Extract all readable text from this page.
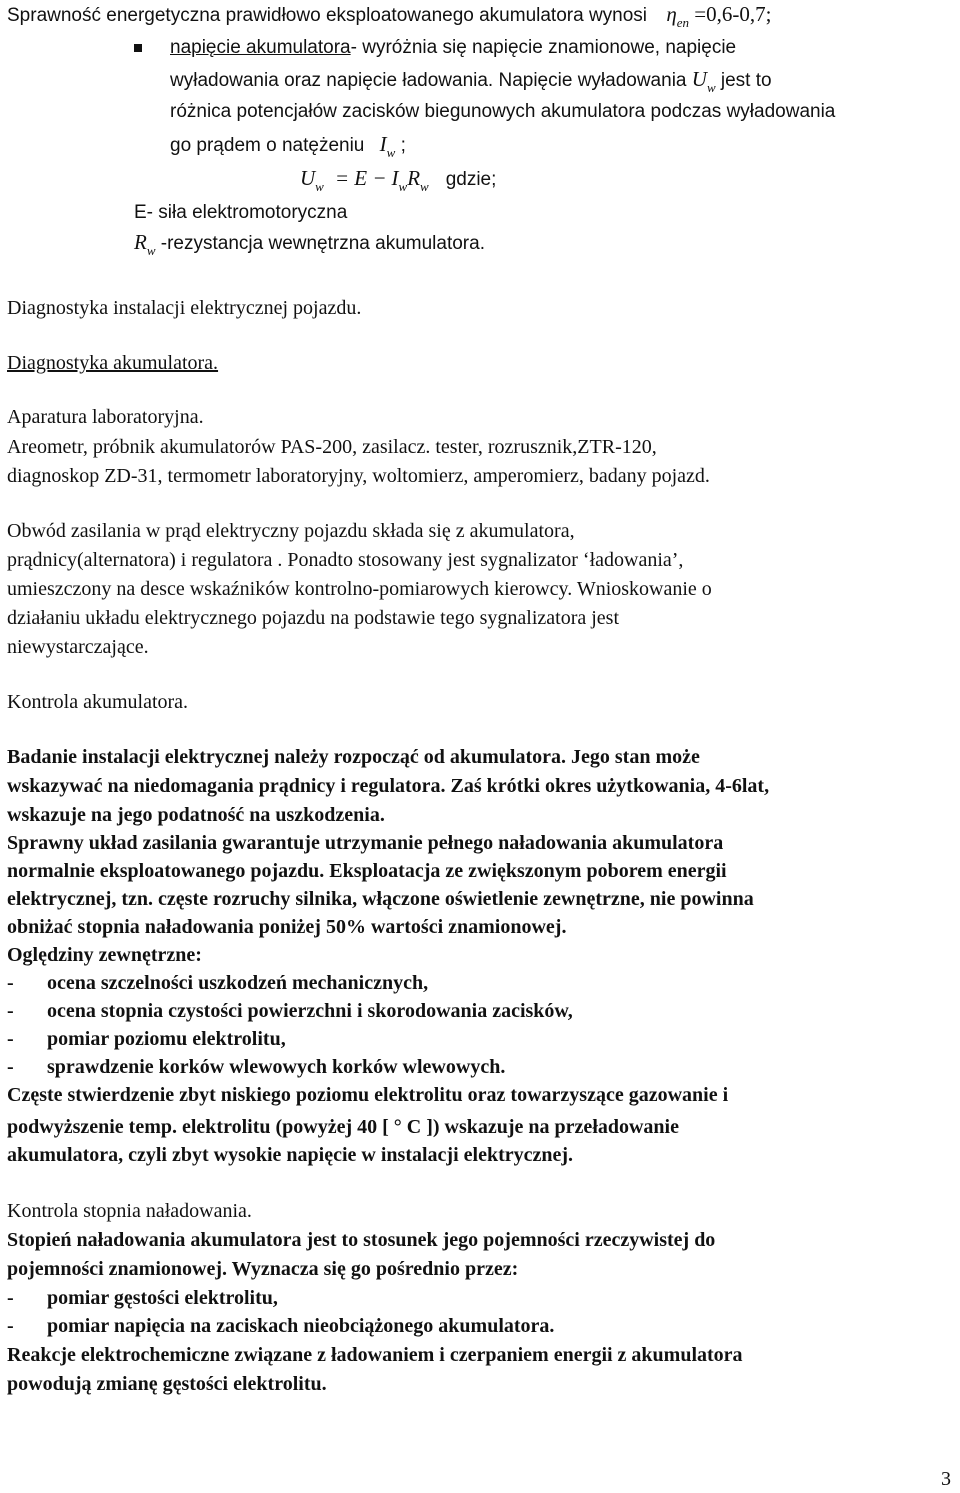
Sprawność energetyczna prawidłowo eksploatowanego akumulatora wynosi $\eta_{en} =0,6-0,7$;
napięcie akumulatora- wyróżnia się napięcie znamionowe, napięcie
wyładowania oraz napięcie ładowania. Napięcie wyładowania $U_w$ jest to
różnica potencjałów zacisków biegunowych akumulatora podczas wyładowania
go prądem o natężeniu $I_w$ ;
$U_w = E - I_wR_w$ gdzie;
E- siła elektromotoryczna
$R_w$ -rezystancja wewnętrzna akumulatora.
Diagnostyka instalacji elektrycznej pojazdu.
Diagnostyka akumulatora.
Aparatura laboratoryjna.
Areometr, próbnik akumulatorów PAS-200, zasilacz. tester, rozrusznik,ZTR-120,
diagnoskop ZD-31, termometr laboratoryjny, woltomierz, amperomierz, badany pojazd.
Obwód zasilania w prąd elektryczny pojazdu składa się z akumulatora,
prądnicy(alternatora) i regulatora . Ponadto stosowany jest sygnalizator ‘ładowania’,
umieszczony na desce wskaźników kontrolno-pomiarowych kierowcy. Wnioskowanie o
działaniu układu elektrycznego pojazdu na podstawie tego sygnalizatora jest
niewystarczające.
Kontrola akumulatora.
Badanie instalacji elektrycznej należy rozpocząć od akumulatora. Jego stan może
wskazywać na niedomagania prądnicy i regulatora. Zaś krótki okres użytkowania, 4-6lat,
wskazuje na jego podatność na uszkodzenia.
Sprawny układ zasilania gwarantuje utrzymanie pełnego naładowania akumulatora
normalnie eksploatowanego pojazdu. Eksploatacja ze zwiększonym poborem energii
elektrycznej, tzn. częste rozruchy silnika, włączone oświetlenie zewnętrzne, nie powinna
obniżać stopnia naładowania poniżej 50% wartości znamionowej.
Oględziny zewnętrzne:
- ocena szczelności uszkodzeń mechanicznych,
- ocena stopnia czystości powierzchni i skorodowania zacisków,
- pomiar poziomu elektrolitu,
- sprawdzenie korków wlewowych korków wlewowych.
Częste stwierdzenie zbyt niskiego poziomu elektrolitu oraz towarzyszące gazowanie i
podwyższenie temp. elektrolitu (powyżej 40 [ ° C ]) wskazuje na przeładowanie
akumulatora, czyli zbyt wysokie napięcie w instalacji elektrycznej.
Kontrola stopnia naładowania.
Stopień naładowania akumulatora jest to stosunek jego pojemności rzeczywistej do
pojemności znamionowej. Wyznacza się go pośrednio przez:
- pomiar gęstości elektrolitu,
- pomiar napięcia na zaciskach nieobciążonego akumulatora.
Reakcje elektrochemiczne związane z ładowaniem i czerpaniem energii z akumulatora
powodują zmianę gęstości elektrolitu.
3
